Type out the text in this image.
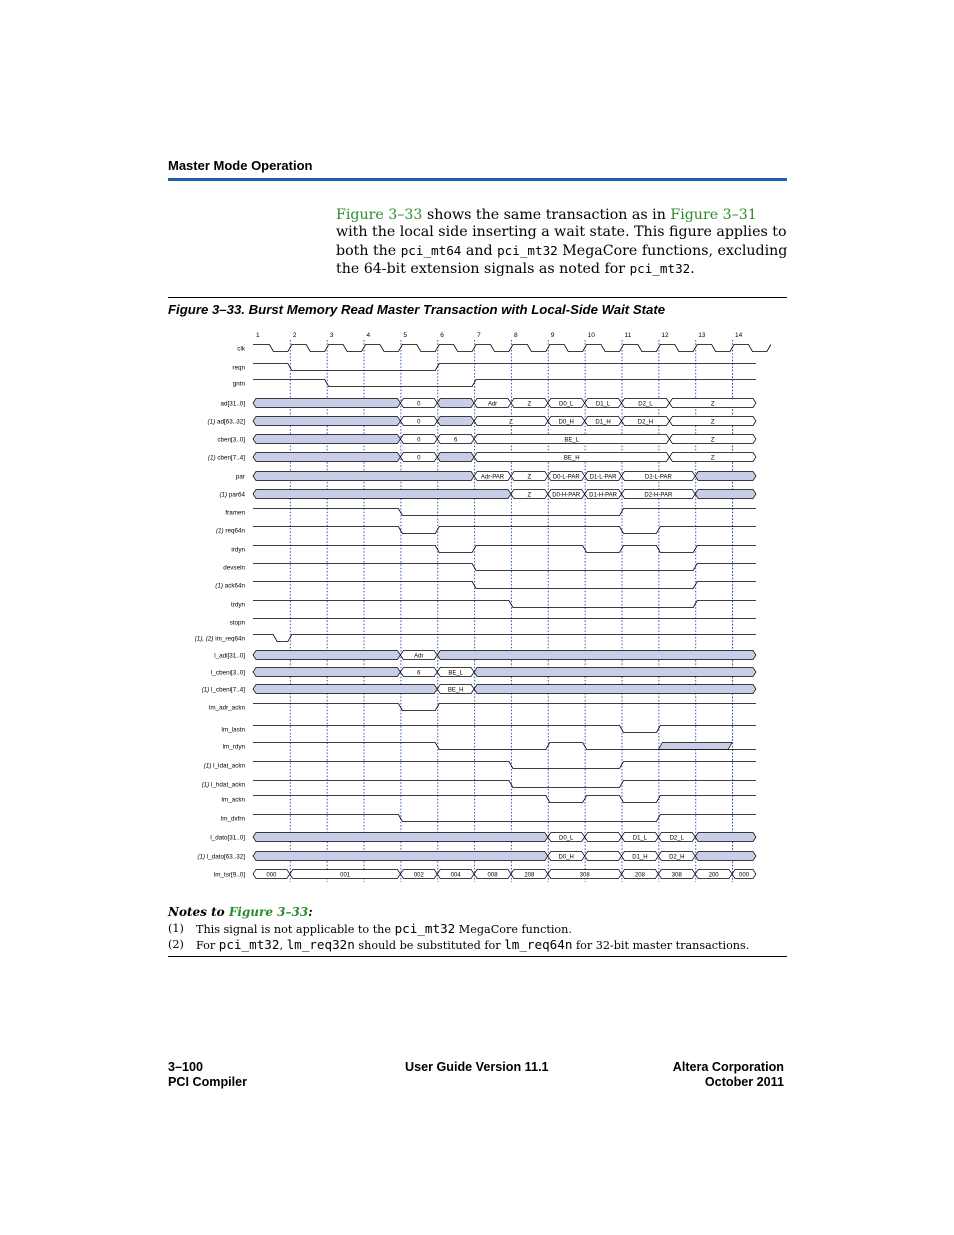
Master Mode Operation
Figure 3–33 shows the same transaction as in Figure 3–31 with the local side inserting a wait state. This figure applies to both the pci_mt64 and pci_mt32 MegaCore functions, excluding the 64-bit extension signals as noted for pci_mt32.
Figure 3–33. Burst Memory Read Master Transaction with Local-Side Wait State
1	2	3	4	5	6	7	8	9	10	11	12	13	14
clk
reqn
gntn
ad[31..0]
(1) ad[63..32]
cben[3..0]
(1) cben[7..4]
par
(1) par64
framen
(1) req64n
irdyn
devseln
(1) ack64n
trdyn
stopn
(1), (2) lm_req64n
l_adi[31..0]
l_cbeni[3..0]
(1) l_cbeni[7..4]
lm_adr_ackn
lm_lastn
lm_rdyn
(1) l_ldat_ackn
(1) l_hdat_ackn
lm_ackn
lm_dxfrn
l_dato[31..0]
(1) l_dato[63..32]
lm_tsr[9..0]
0	Adr	Z	D0_L	D1_L	D2_L	Z
0	Z	D0_H	D1_H	D2_H	Z
0	6	BE_L	Z
0	BE_H	Z
Adr-PAR	Z	D0-L-PAR D1-L-PAR	D2-L-PAR
Z	D0-H-PAR D1-H-PAR	D2-H-PAR
Adr
6	BE_L
BE_H
D0_L	D1_L	D2_L
D0_H	D1_H	D2_H
000	001	002	004	008	208	308	208	308	200	000
Notes to Figure 3–33:
(1)	This signal is not applicable to the pci_mt32 MegaCore function.
(2)	For pci_mt32, lm_req32n should be substituted for lm_req64n for 32-bit master transactions.
3–100
PCI Compiler
User Guide Version 11.1	Altera Corporation
October 2011
